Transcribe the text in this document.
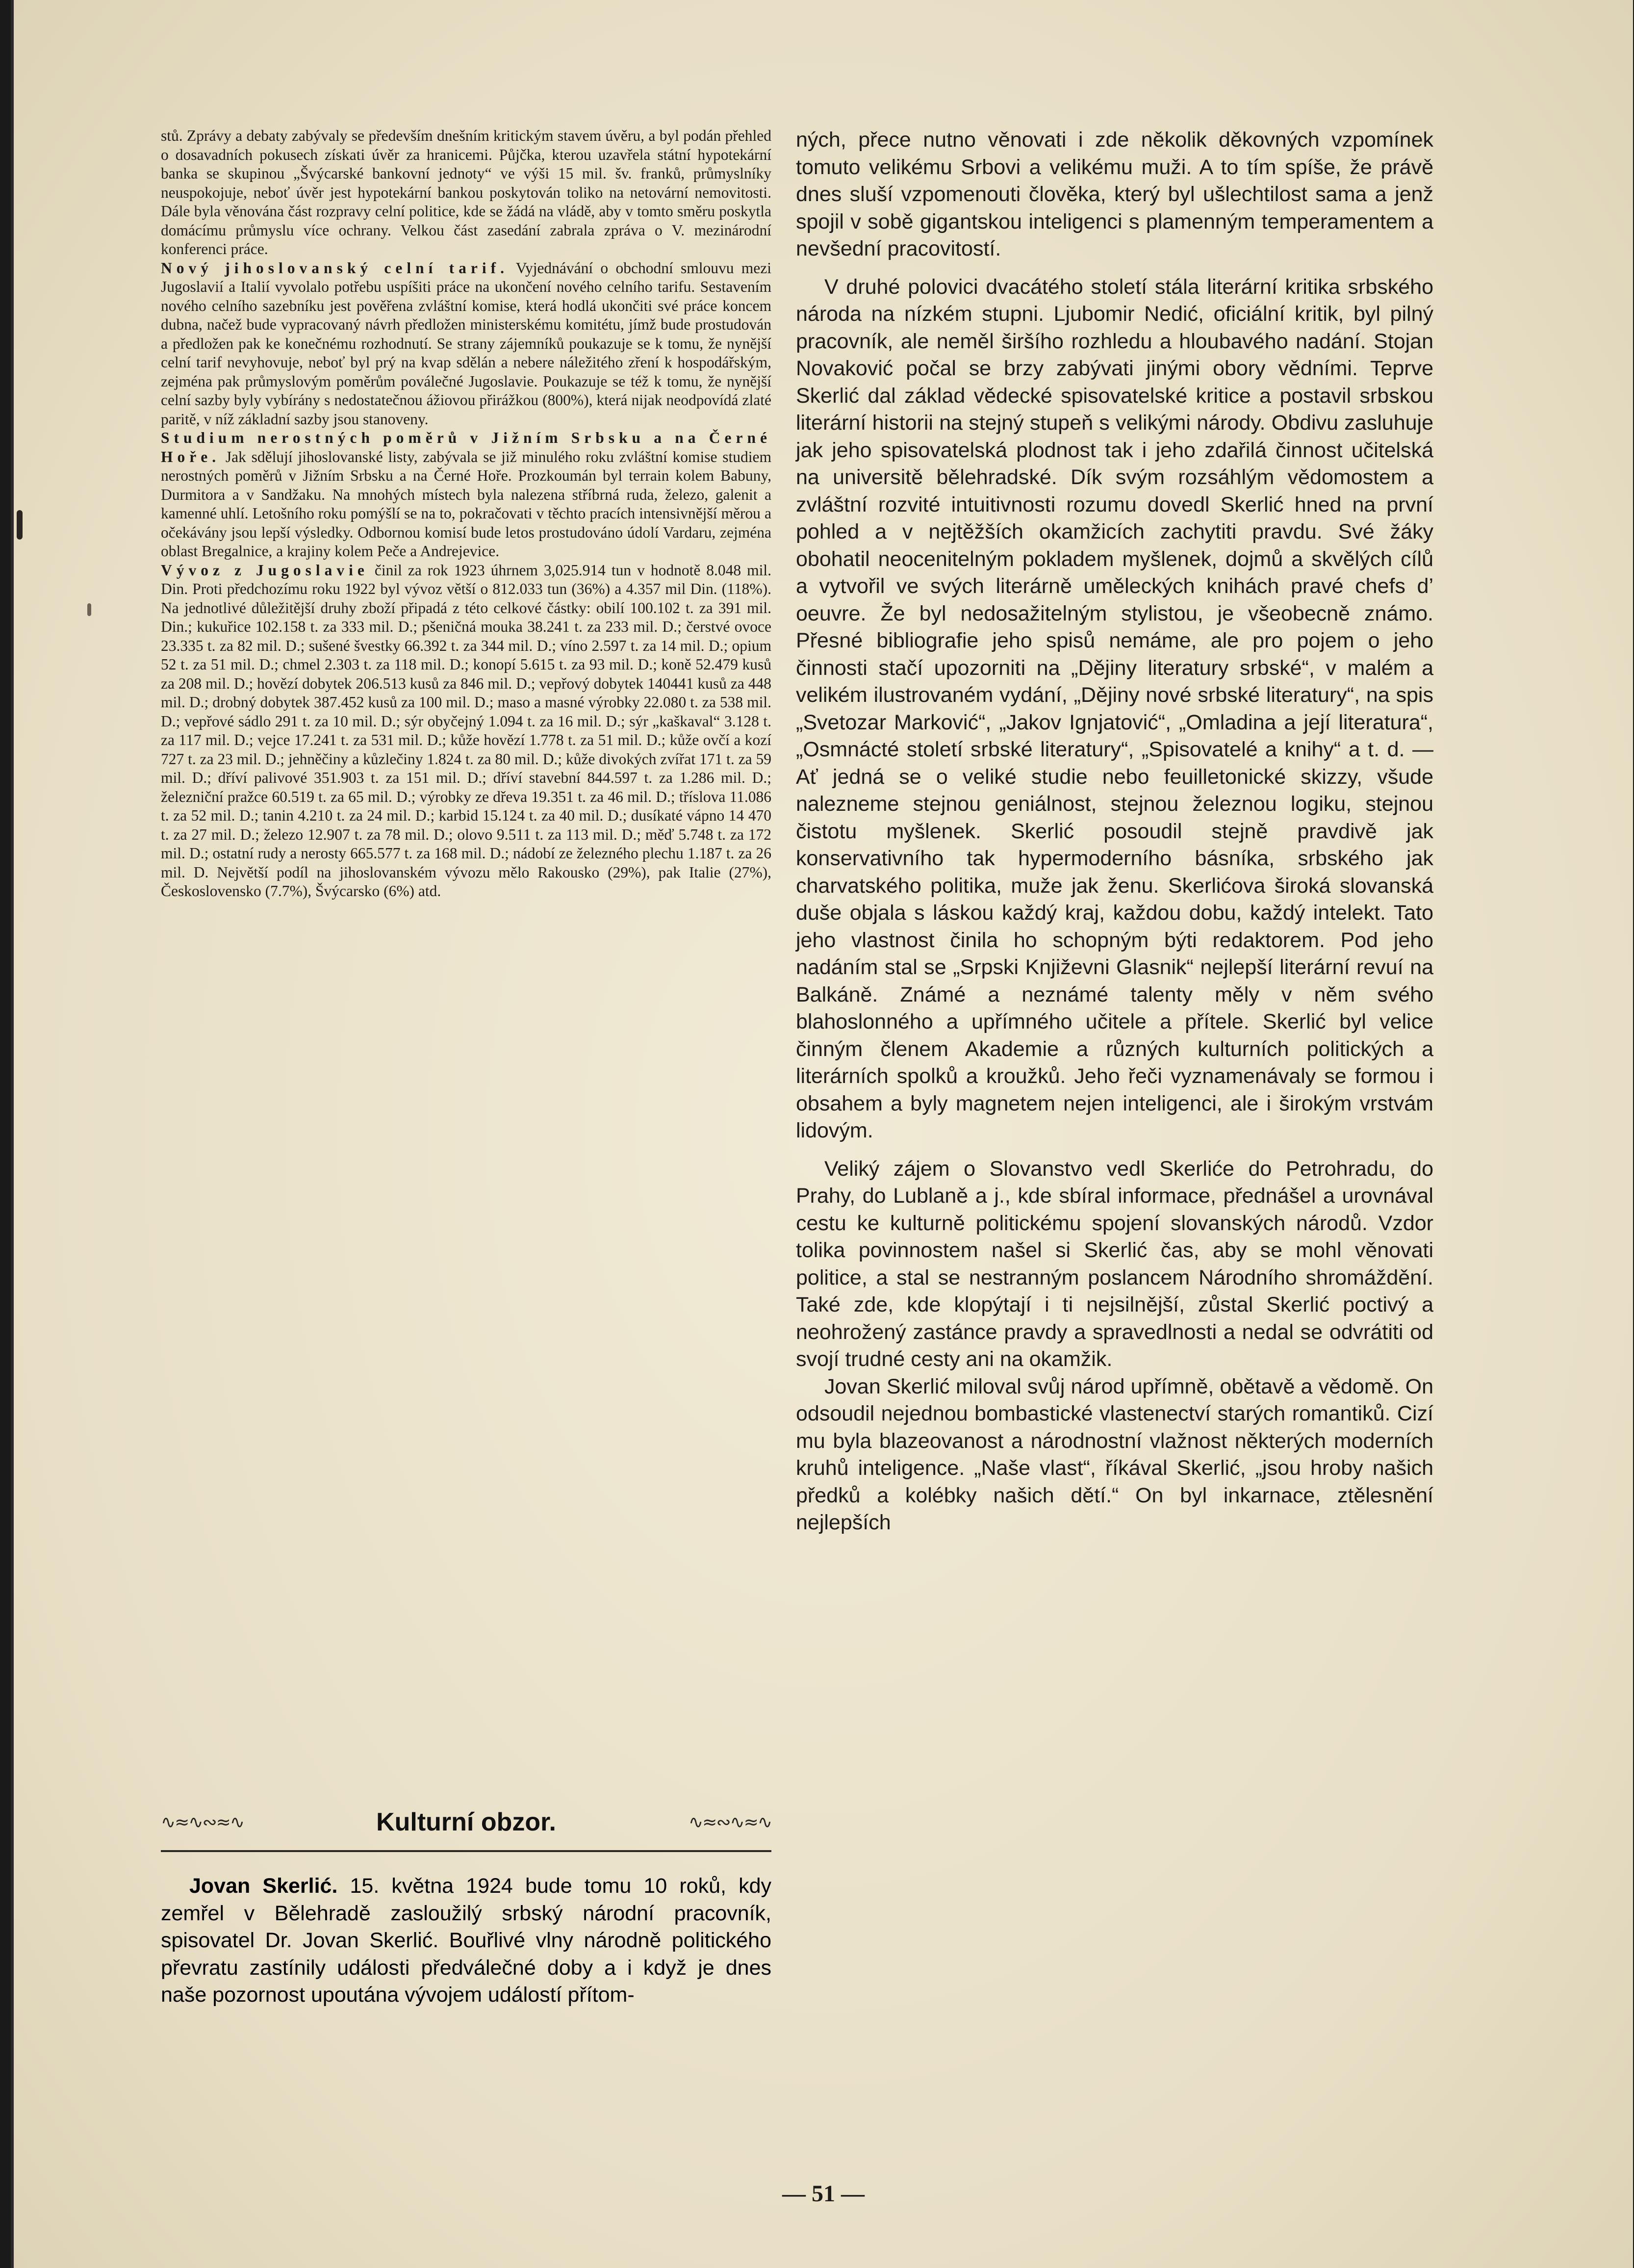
stů. Zprávy a debaty zabývaly se především dnešním kritickým stavem úvěru, a byl podán přehled o dosavadních pokusech získati úvěr za hranicemi. Půjčka, kterou uzavřela státní hypotekární banka se skupinou „Švýcarské bankovní jednoty“ ve výši 15 mil. šv. franků, průmyslníky neuspokojuje, neboť úvěr jest hypotekární bankou poskytován toliko na netovární nemovitosti. Dále byla věnována část rozpravy celní politice, kde se žádá na vládě, aby v tomto směru poskytla domácímu průmyslu více ochrany. Velkou část zasedání zabrala zpráva o V. mezinárodní konferenci práce.

Nový jihoslovanský celní tarif. Vyjednávání o obchodní smlouvu mezi Jugoslavií a Italií vyvolalo potřebu uspíšiti práce na ukončení nového celního tarifu. Sestavením nového celního sazebníku jest pověřena zvláštní komise, která hodlá ukončiti své práce koncem dubna, načež bude vypracovaný návrh předložen ministerskému komitétu, jímž bude prostudován a předložen pak ke konečnému rozhodnutí. Se strany zájemníků poukazuje se k tomu, že nynější celní tarif nevyhovuje, neboť byl prý na kvap sdělán a nebere náležitého zření k hospodářským, zejména pak průmyslovým poměrům poválečné Jugoslavie. Poukazuje se též k tomu, že nynější celní sazby byly vybírány s nedostatečnou ážiovou přirážkou (800%), která nijak neodpovídá zlaté paritě, v níž základní sazby jsou stanoveny.

Studium nerostných poměrů v Jižním Srbsku a na Černé Hoře. Jak sdělují jihoslovanské listy, zabývala se již minulého roku zvláštní komise studiem nerostných poměrů v Jižním Srbsku a na Černé Hoře. Prozkoumán byl terrain kolem Babuny, Durmitora a v Sandžaku. Na mnohých místech byla nalezena stříbrná ruda, železo, galenit a kamenné uhlí. Letošního roku pomýšlí se na to, pokračovati v těchto pracích intensivnější měrou a očekávány jsou lepší výsledky. Odbornou komisí bude letos prostudováno údolí Vardaru, zejména oblast Bregalnice, a krajiny kolem Peče a Andrejevice.

Vývoz z Jugoslavie činil za rok 1923 úhrnem 3,025.914 tun v hodnotě 8.048 mil. Din. Proti předchozímu roku 1922 byl vývoz větší o 812.033 tun (36%) a 4.357 mil Din. (118%). Na jednotlivé důležitější druhy zboží připadá z této celkové částky: obilí 100.102 t. za 391 mil. Din.; kukuřice 102.158 t. za 333 mil. D.; pšeničná mouka 38.241 t. za 233 mil. D.; čerstvé ovoce 23.335 t. za 82 mil. D.; sušené švestky 66.392 t. za 344 mil. D.; víno 2.597 t. za 14 mil. D.; opium 52 t. za 51 mil. D.; chmel 2.303 t. za 118 mil. D.; konopí 5.615 t. za 93 mil. D.; koně 52.479 kusů za 208 mil. D.; hovězí dobytek 206.513 kusů za 846 mil. D.; vepřový dobytek 140441 kusů za 448 mil. D.; drobný dobytek 387.452 kusů za 100 mil. D.; maso a masné výrobky 22.080 t. za 538 mil. D.; vepřové sádlo 291 t. za 10 mil. D.; sýr obyčejný 1.094 t. za 16 mil. D.; sýr „kaškaval“ 3.128 t. za 117 mil. D.; vejce 17.241 t. za 531 mil. D.; kůže hovězí 1.778 t. za 51 mil. D.; kůže ovčí a kozí 727 t. za 23 mil. D.; jehněčiny a kůzlečiny 1.824 t. za 80 mil. D.; kůže divokých zvířat 171 t. za 59 mil. D.; dříví palivové 351.903 t. za 151 mil. D.; dříví stavební 844.597 t. za 1.286 mil. D.; železniční pražce 60.519 t. za 65 mil. D.; výrobky ze dřeva 19.351 t. za 46 mil. D.; tříslova 11.086 t. za 52 mil. D.; tanin 4.210 t. za 24 mil. D.; karbid 15.124 t. za 40 mil. D.; dusíkaté vápno 14 470 t. za 27 mil. D.; železo 12.907 t. za 78 mil. D.; olovo 9.511 t. za 113 mil. D.; měď 5.748 t. za 172 mil. D.; ostatní rudy a nerosty 665.577 t. za 168 mil. D.; nádobí ze železného plechu 1.187 t. za 26 mil. D. Největší podíl na jihoslovanském vývozu mělo Rakousko (29%), pak Italie (27%), Československo (7.7%), Švýcarsko (6%) atd.

∿≈∿∾≈∿	Kulturní obzor.	∿≈∾∿≈∿

Jovan Skerlić. 15. května 1924 bude tomu 10 roků, kdy zemřel v Bělehradě zasloužilý srbský národní pracovník, spisovatel Dr. Jovan Skerlić. Bouřlivé vlny národně politického převratu zastínily události předválečné doby a i když je dnes naše pozornost upoutána vývojem událostí přítom-

ných, přece nutno věnovati i zde několik děkovných vzpomínek tomuto velikému Srbovi a velikému muži. A to tím spíše, že právě dnes sluší vzpomenouti člověka, který byl ušlechtilost sama a jenž spojil v sobě gigantskou inteligenci s plamenným temperamentem a nevšední pracovitostí.

V druhé polovici dvacátého století stála literární kritika srbského národa na nízkém stupni. Ljubomir Nedić, oficiální kritik, byl pilný pracovník, ale neměl širšího rozhledu a hloubavého nadání. Stojan Novaković počal se brzy zabývati jinými obory vědními. Teprve Skerlić dal základ vědecké spisovatelské kritice a postavil srbskou literární historii na stejný stupeň s velikými národy. Obdivu zasluhuje jak jeho spisovatelská plodnost tak i jeho zdařilá činnost učitelská na universitě bělehradské. Dík svým rozsáhlým vědomostem a zvláštní rozvité intuitivnosti rozumu dovedl Skerlić hned na první pohled a v nejtěžších okamžicích zachytiti pravdu. Své žáky obohatil neocenitelným pokladem myšlenek, dojmů a skvělých cílů a vytvořil ve svých literárně uměleckých knihách pravé chefs d’ oeuvre. Že byl nedosažitelným stylistou, je všeobecně známo. Přesné bibliografie jeho spisů nemáme, ale pro pojem o jeho činnosti stačí upozorniti na „Dějiny literatury srbské“, v malém a velikém ilustrovaném vydání, „Dějiny nové srbské literatury“, na spis „Svetozar Marković“, „Jakov Ignjatović“, „Omladina a její literatura“, „Osmnácté století srbské literatury“, „Spisovatelé a knihy“ a t. d. — Ať jedná se o veliké studie nebo feuilletonické skizzy, všude nalezneme stejnou geniálnost, stejnou železnou logiku, stejnou čistotu myšlenek. Skerlić posoudil stejně pravdivě jak konservativního tak hypermoderního básníka, srbského jak charvatského politika, muže jak ženu. Skerlićova široká slovanská duše objala s láskou každý kraj, každou dobu, každý intelekt. Tato jeho vlastnost činila ho schopným býti redaktorem. Pod jeho nadáním stal se „Srpski Književni Glasnik“ nejlepší literární revuí na Balkáně. Známé a neznámé talenty měly v něm svého blahoslonného a upřímného učitele a přítele. Skerlić byl velice činným členem Akademie a různých kulturních politických a literárních spolků a kroužků. Jeho řeči vyznamenávaly se formou i obsahem a byly magnetem nejen inteligenci, ale i širokým vrstvám lidovým.

Veliký zájem o Slovanstvo vedl Skerliće do Petrohradu, do Prahy, do Lublaně a j., kde sbíral informace, přednášel a urovnával cestu ke kulturně politickému spojení slovanských národů. Vzdor tolika povinnostem našel si Skerlić čas, aby se mohl věnovati politice, a stal se nestranným poslancem Národního shromáždění. Také zde, kde klopýtají i ti nejsilnější, zůstal Skerlić poctivý a neohrožený zastánce pravdy a spravedlnosti a nedal se odvrátiti od svojí trudné cesty ani na okamžik.

Jovan Skerlić miloval svůj národ upřímně, obětavě a vědomě. On odsoudil nejednou bombastické vlastenectví starých romantiků. Cizí mu byla blazeovanost a národnostní vlažnost některých moderních kruhů inteligence. „Naše vlast“, říkával Skerlić, „jsou hroby našich předků a kolébky našich dětí.“ On byl inkarnace, ztělesnění nejlepších

— 51 —
